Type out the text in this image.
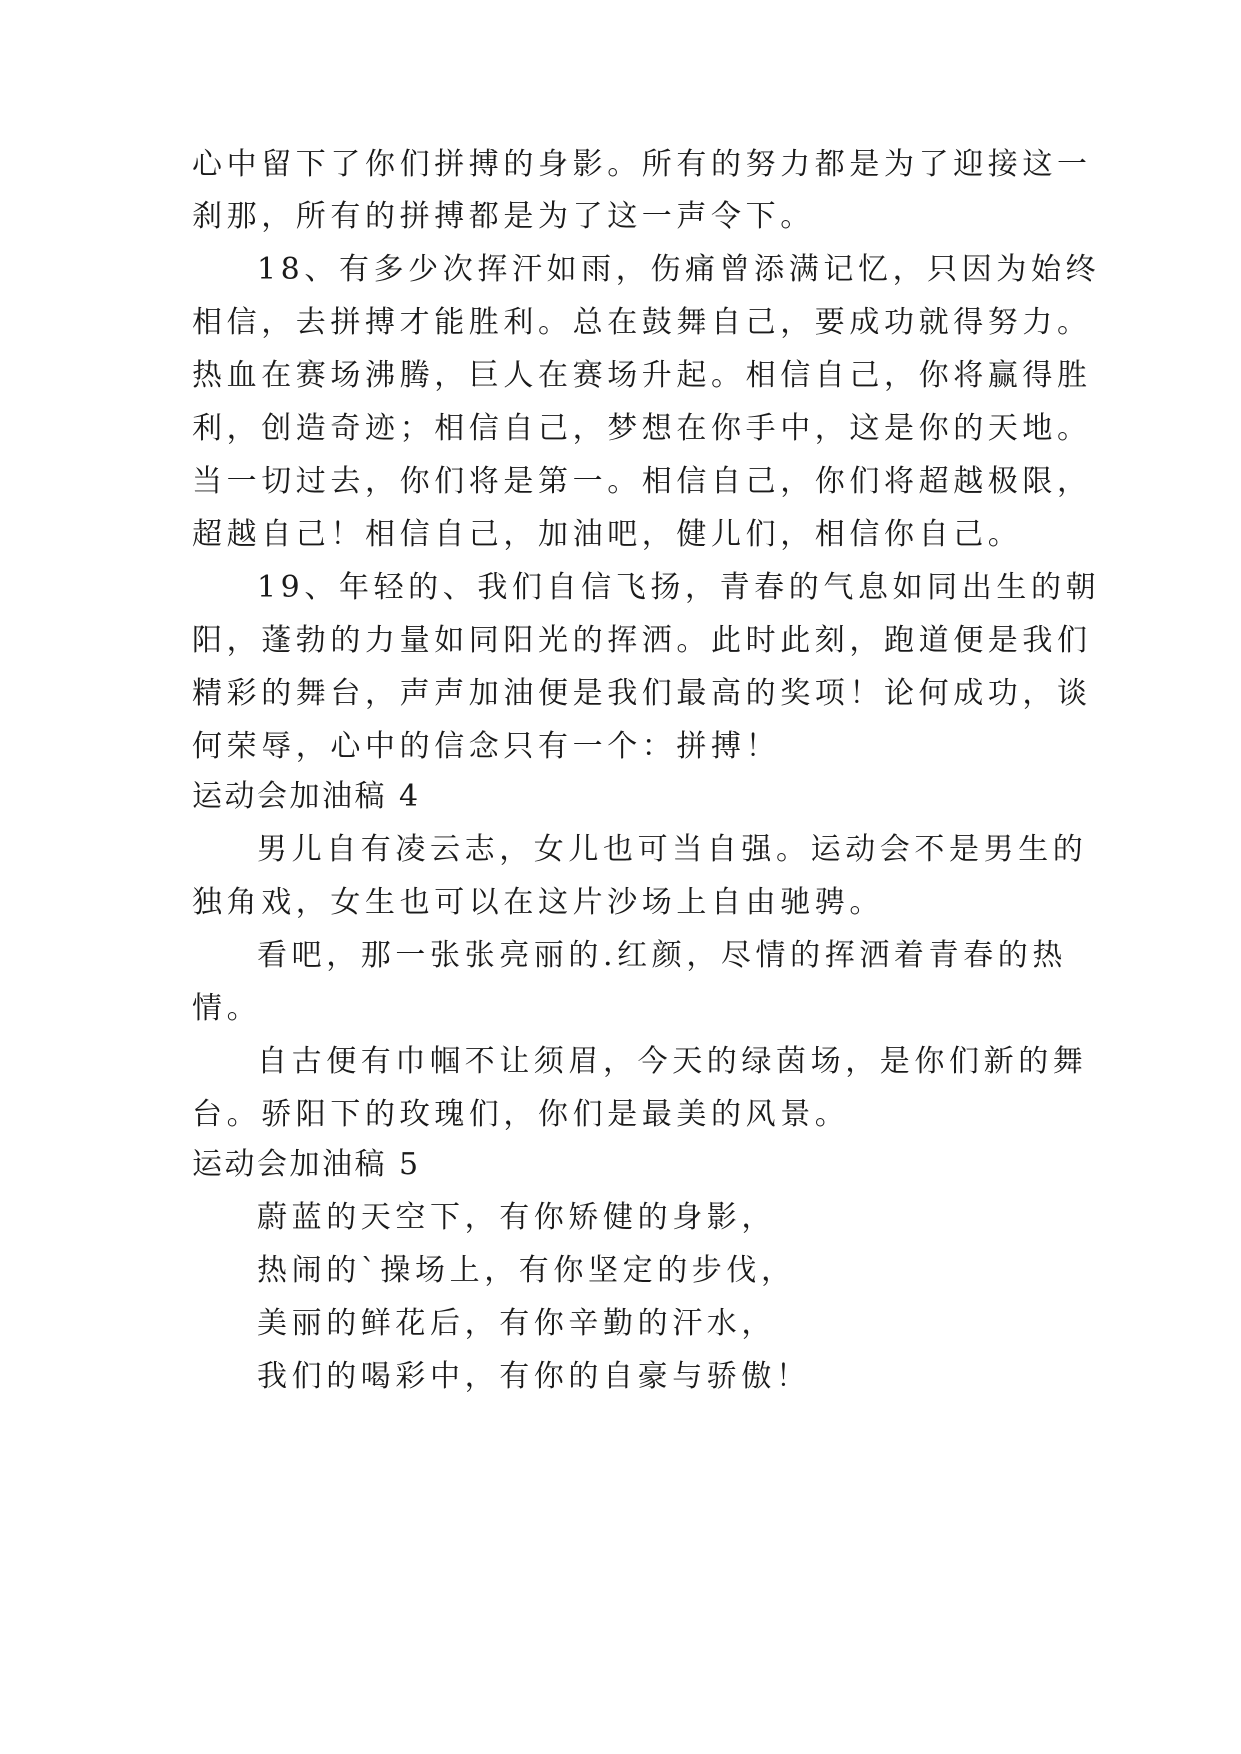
心中留下了你们拼搏的身影。所有的努力都是为了迎接这一
刹那，所有的拼搏都是为了这一声令下。
18、有多少次挥汗如雨，伤痛曾添满记忆，只因为始终
相信，去拼搏才能胜利。总在鼓舞自己，要成功就得努力。
热血在赛场沸腾，巨人在赛场升起。相信自己，你将赢得胜
利，创造奇迹；相信自己，梦想在你手中，这是你的天地。
当一切过去，你们将是第一。相信自己，你们将超越极限，
超越自己！相信自己，加油吧，健儿们，相信你自己。
19、年轻的、我们自信飞扬，青春的气息如同出生的朝
阳，蓬勃的力量如同阳光的挥洒。此时此刻，跑道便是我们
精彩的舞台，声声加油便是我们最高的奖项！论何成功，谈
何荣辱，心中的信念只有一个：拼搏！
运动会加油稿 4
男儿自有凌云志，女儿也可当自强。运动会不是男生的
独角戏，女生也可以在这片沙场上自由驰骋。
看吧，那一张张亮丽的.红颜，尽情的挥洒着青春的热
情。
自古便有巾帼不让须眉，今天的绿茵场，是你们新的舞
台。骄阳下的玫瑰们，你们是最美的风景。
运动会加油稿 5
蔚蓝的天空下，有你矫健的身影，
热闹的`操场上，有你坚定的步伐，
美丽的鲜花后，有你辛勤的汗水，
我们的喝彩中，有你的自豪与骄傲！
